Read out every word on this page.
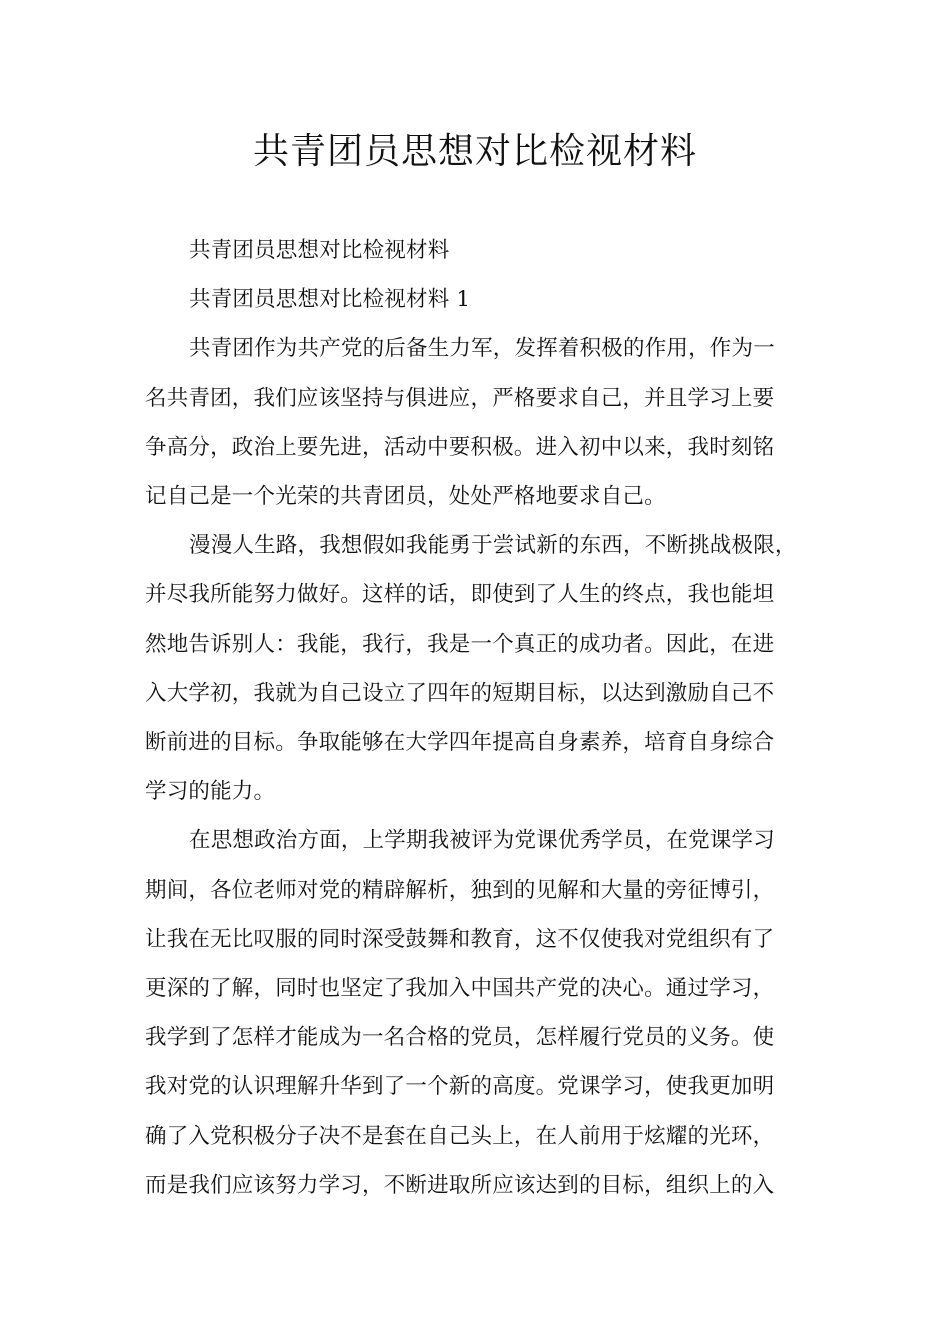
共青团员思想对比检视材料

共青团员思想对比检视材料

共青团员思想对比检视材料 1

共青团作为共产党的后备生力军，发挥着积极的作用，作为一

名共青团，我们应该坚持与俱进应，严格要求自己，并且学习上要

争高分，政治上要先进，活动中要积极。进入初中以来，我时刻铭

记自己是一个光荣的共青团员，处处严格地要求自己。

漫漫人生路，我想假如我能勇于尝试新的东西，不断挑战极限，

并尽我所能努力做好。这样的话，即使到了人生的终点，我也能坦

然地告诉别人：我能，我行，我是一个真正的成功者。因此，在进

入大学初，我就为自己设立了四年的短期目标，以达到激励自己不

断前进的目标。争取能够在大学四年提高自身素养，培育自身综合

学习的能力。

在思想政治方面，上学期我被评为党课优秀学员，在党课学习

期间，各位老师对党的精辟解析，独到的见解和大量的旁征博引，

让我在无比叹服的同时深受鼓舞和教育，这不仅使我对党组织有了

更深的了解，同时也坚定了我加入中国共产党的决心。通过学习，

我学到了怎样才能成为一名合格的党员，怎样履行党员的义务。使

我对党的认识理解升华到了一个新的高度。党课学习，使我更加明

确了入党积极分子决不是套在自己头上，在人前用于炫耀的光环，

而是我们应该努力学习，不断进取所应该达到的目标，组织上的入
